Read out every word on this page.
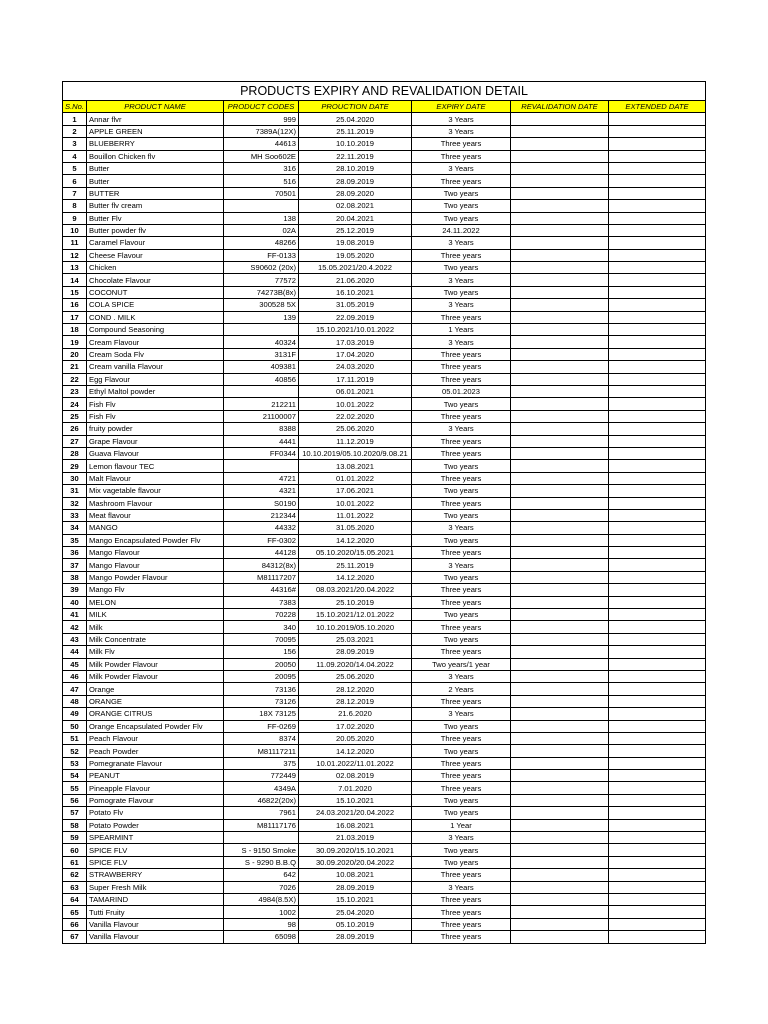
PRODUCTS EXPIRY AND REVALIDATION DETAIL						
S.No.	PRODUCT NAME	PRODUCT CODES	PROUCTION DATE	EXPIRY DATE	REVALIDATION DATE	EXTENDED DATE
1	Annar flvr	999	25.04.2020	3 Years		
2	APPLE GREEN	7389A(12X)	25.11.2019	3 Years		
3	BLUEBERRY	44613	10.10.2019	Three years		
4	Bouillon Chicken flv	MH Soo602E	22.11.2019	Three years		
5	Butter	316	28.10.2019	3 Years		
6	Butter	516	28.09.2019	Three years		
7	BUTTER	70501	28.09.2020	Two years		
8	Butter flv cream		02.08.2021	Two years		
9	Butter Flv	138	20.04.2021	Two years		
10	Butter powder flv	02A	25.12.2019	24.11.2022		
11	Caramel Flavour	48266	19.08.2019	3 Years		
12	Cheese Flavour	FF-0133	19.05.2020	Three years		
13	Chicken	S90602 (20x)	15.05.2021/20.4.2022	Two years		
14	Chocolate Flavour	77572	21.06.2020	3 Years		
15	COCONUT	74273B(8x)	16.10.2021	Two years		
16	COLA SPICE	300528 5X	31.05.2019	3 Years		
17	COND . MILK	139	22.09.2019	Three years		
18	Compound Seasoning		15.10.2021/10.01.2022	1 Years		
19	Cream Flavour	40324	17.03.2019	3 Years		
20	Cream Soda Flv	3131F	17.04.2020	Three years		
21	Cream vanilla Flavour	409381	24.03.2020	Three years		
22	Egg Flavour	40856	17.11.2019	Three years		
23	Ethyl Maltol powder		06.01.2021	05.01.2023		
24	Fish Flv	212211	10.01.2022	Two years		
25	Fish Flv	21100007	22.02.2020	Three years		
26	fruity powder	8388	25.06.2020	3 Years		
27	Grape Flavour	4441	11.12.2019	Three years		
28	Guava Flavour	FF0344	10.10.2019/05.10.2020/9.08.21	Three years		
29	Lemon flavour TEC		13.08.2021	Two years		
30	Malt Flavour	4721	01.01.2022	Three years		
31	Mix vagetable flavour	4321	17.06.2021	Two years		
32	Mashroom Flavour	S0190	10.01.2022	Three years		
33	Meat flavour	212344	11.01.2022	Two years		
34	MANGO	44332	31.05.2020	3 Years		
35	Mango Encapsulated Powder Flv	FF-0302	14.12.2020	Two years		
36	Mango Flavour	44128	05.10.2020/15.05.2021	Three years		
37	Mango Flavour	84312(8x)	25.11.2019	3 Years		
38	Mango Powder Flavour	M81117207	14.12.2020	Two years		
39	Mango Flv	44316#	08.03.2021/20.04.2022	Three years		
40	MELON	7383	25.10.2019	Three years		
41	MILK	70228	15.10.2021/12.01.2022	Two years		
42	Milk	340	10.10.2019/05.10.2020	Three years		
43	Milk Concentrate	70095	25.03.2021	Two years		
44	Milk Flv	156	28.09.2019	Three years		
45	Milk Powder Flavour	20050	11.09.2020/14.04.2022	Two years/1 year		
46	Milk Powder Flavour	20095	25.06.2020	3 Years		
47	Orange	73136	28.12.2020	2 Years		
48	ORANGE	73126	28.12.2019	Three years		
49	ORANGE CITRUS	18X 73125	21.6.2020	3 Years		
50	Orange Encapsulated Powder Flv	FF-0269	17.02.2020	Two years		
51	Peach Flavour	8374	20.05.2020	Three years		
52	Peach Powder	M81117211	14.12.2020	Two years		
53	Pomegranate Flavour	375	10.01.2022/11.01.2022	Three years		
54	PEANUT	772449	02.08.2019	Three years		
55	Pineapple Flavour	4349A	7.01.2020	Three years		
56	Pomograte Flavour	46822(20x)	15.10.2021	Two years		
57	Potato Flv	7961	24.03.2021/20.04.2022	Two years		
58	Potato Powder	M81117176	16.08.2021	1 Year		
59	SPEARMINT		21.03.2019	3 Years		
60	SPICE FLV	S - 9150 Smoke	30.09.2020/15.10.2021	Two years		
61	SPICE FLV	S - 9290 B.B.Q	30.09.2020/20.04.2022	Two years		
62	STRAWBERRY	642	10.08.2021	Three years		
63	Super Fresh Milk	7026	28.09.2019	3 Years		
64	TAMARIND	4984(8.5X)	15.10.2021	Three years		
65	Tutti Fruity	1002	25.04.2020	Three years		
66	Vanilla Flavour	98	05.10.2019	Three years		
67	Vanilla Flavour	65098	28.09.2019	Three years		
